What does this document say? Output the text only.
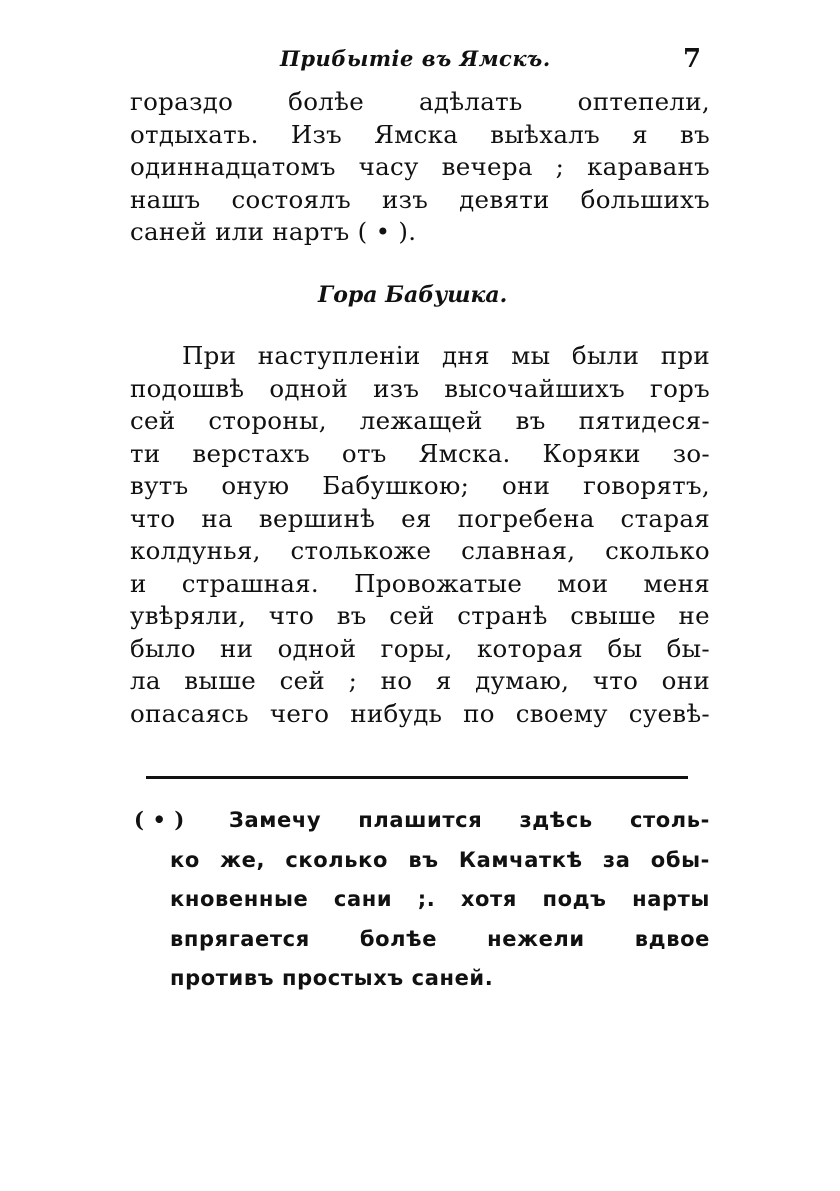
Прибытіе въ Ямскъ.	7
гораздо болѣе адѣлать оптепели,
отдыхать. Изъ Ямска выѣхалъ я въ
одиннадцатомъ часу вечера ; караванъ
нашъ состоялъ изъ девяти большихъ
саней или нартъ ( • ).
Гора Бабушка.
При наступленіи дня мы были при
подошвѣ одной изъ высочайшихъ горъ
сей стороны, лежащей въ пятидеся-
ти верстахъ отъ Ямска. Коряки зо-
вутъ оную Бабушкою; они говорятъ,
что на вершинѣ ея погребена старая
колдунья, столькоже славная, сколько
и страшная. Провожатые мои меня
увѣряли, что въ сей странѣ свыше не
было ни одной горы, которая бы бы-
ла выше сей ; но я думаю, что они
опасаясь чего нибудь по своему суевѣ-
( • ) Замечу плашится здѣсь столь-
ко же, сколько въ Камчаткѣ за обы-
кновенные сани ;. хотя подъ нарты
впрягается болѣе нежели вдвое
противъ простыхъ саней.
